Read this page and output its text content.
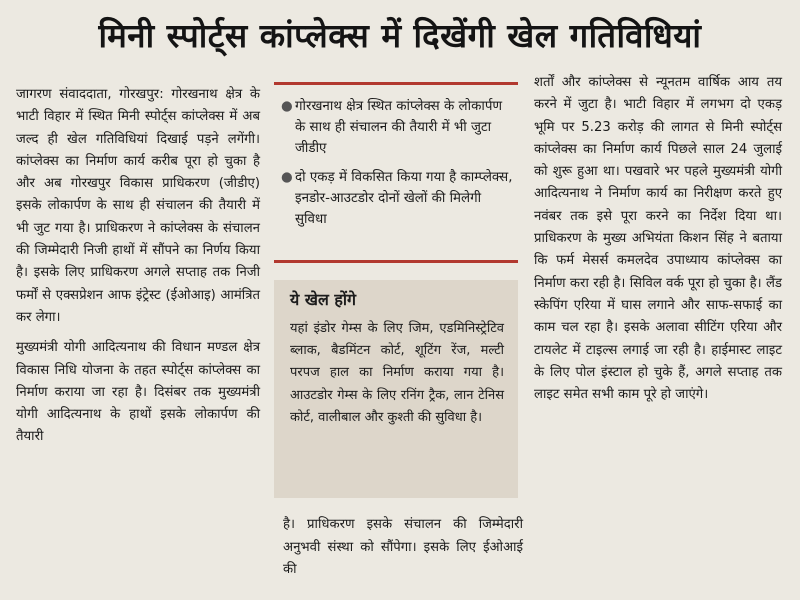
मिनी स्पोर्ट्स कांप्लेक्स में दिखेंगी खेल गतिविधियां

जागरण संवाददाता, गोरखपुर: गोरखनाथ क्षेत्र के भाटी विहार में स्थित मिनी स्पोर्ट्स कांप्लेक्स में अब जल्द ही खेल गतिविधियां दिखाई पड़ने लगेंगी। कांप्लेक्स का निर्माण कार्य करीब पूरा हो चुका है और अब गोरखपुर विकास प्राधिकरण (जीडीए) इसके लोकार्पण के साथ ही संचालन की तैयारी में भी जुट गया है। प्राधिकरण ने कांप्लेक्स के संचालन की जिम्मेदारी निजी हाथों में सौंपने का निर्णय किया है। इसके लिए प्राधिकरण अगले सप्ताह तक निजी फर्मों से एक्सप्रेशन आफ इंट्रेस्ट (ईओआइ) आमंत्रित कर लेगा।

मुख्यमंत्री योगी आदित्यनाथ की विधान मण्डल क्षेत्र विकास निधि योजना के तहत स्पोर्ट्स कांप्लेक्स का निर्माण कराया जा रहा है। दिसंबर तक मुख्यमंत्री योगी आदित्यनाथ के हाथों इसके लोकार्पण की तैयारी

● गोरखनाथ क्षेत्र स्थित कांप्लेक्स के लोकार्पण के साथ ही संचालन की तैयारी में भी जुटा जीडीए
● दो एकड़ में विकसित किया गया है काम्प्लेक्स, इनडोर-आउटडोर दोनों खेलों की मिलेगी सुविधा
ये खेल होंगे

यहां इंडोर गेम्स के लिए जिम, एडमिनिस्ट्रेटिव ब्लाक, बैडमिंटन कोर्ट, शूटिंग रेंज, मल्टी परपज हाल का निर्माण कराया गया है। आउटडोर गेम्स के लिए रनिंग ट्रैक, लान टेनिस कोर्ट, वालीबाल और कुश्ती की सुविधा है।

है। प्राधिकरण इसके संचालन की जिम्मेदारी अनुभवी संस्था को सौंपेगा। इसके लिए ईओआई की

शर्तों और कांप्लेक्स से न्यूनतम वार्षिक आय तय करने में जुटा है। भाटी विहार में लगभग दो एकड़ भूमि पर 5.23 करोड़ की लागत से मिनी स्पोर्ट्स कांप्लेक्स का निर्माण कार्य पिछले साल 24 जुलाई को शुरू हुआ था। पखवारे भर पहले मुख्यमंत्री योगी आदित्यनाथ ने निर्माण कार्य का निरीक्षण करते हुए नवंबर तक इसे पूरा करने का निर्देश दिया था। प्राधिकरण के मुख्य अभियंता किशन सिंह ने बताया कि फर्म मेसर्स कमलदेव उपाध्याय कांप्लेक्स का निर्माण करा रही है। सिविल वर्क पूरा हो चुका है। लैंड स्केपिंग एरिया में घास लगाने और साफ-सफाई का काम चल रहा है। इसके अलावा सीटिंग एरिया और टायलेट में टाइल्स लगाई जा रही है। हाईमास्ट लाइट के लिए पोल इंस्टाल हो चुके हैं, अगले सप्ताह तक लाइट समेत सभी काम पूरे हो जाएंगे।
